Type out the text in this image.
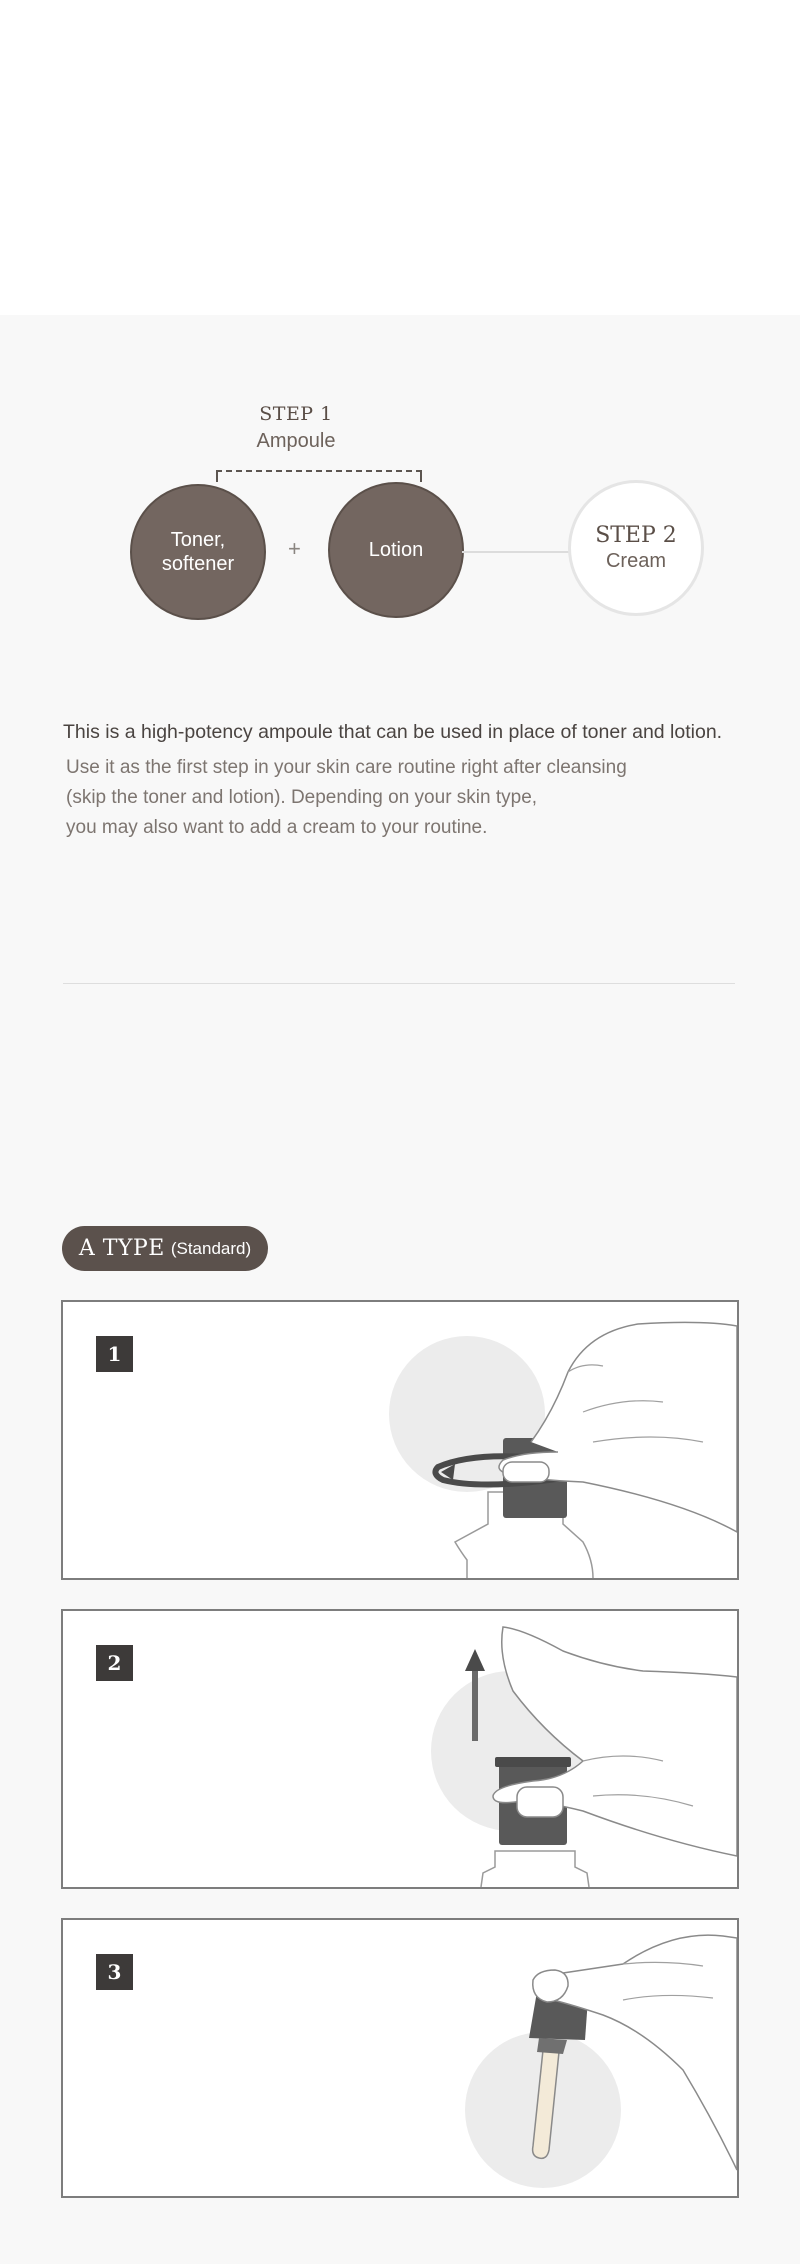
STEP 1
Ampoule
Toner,
softener
+	Lotion
STEP 2
Cream
This is a high-potency ampoule that can be used in place of toner and lotion.
Use it as the first step in your skin care routine right after cleansing
(skip the toner and lotion). Depending on your skin type,
you may also want to add a cream to your routine.
A TYPE (Standard)
1
2
3
